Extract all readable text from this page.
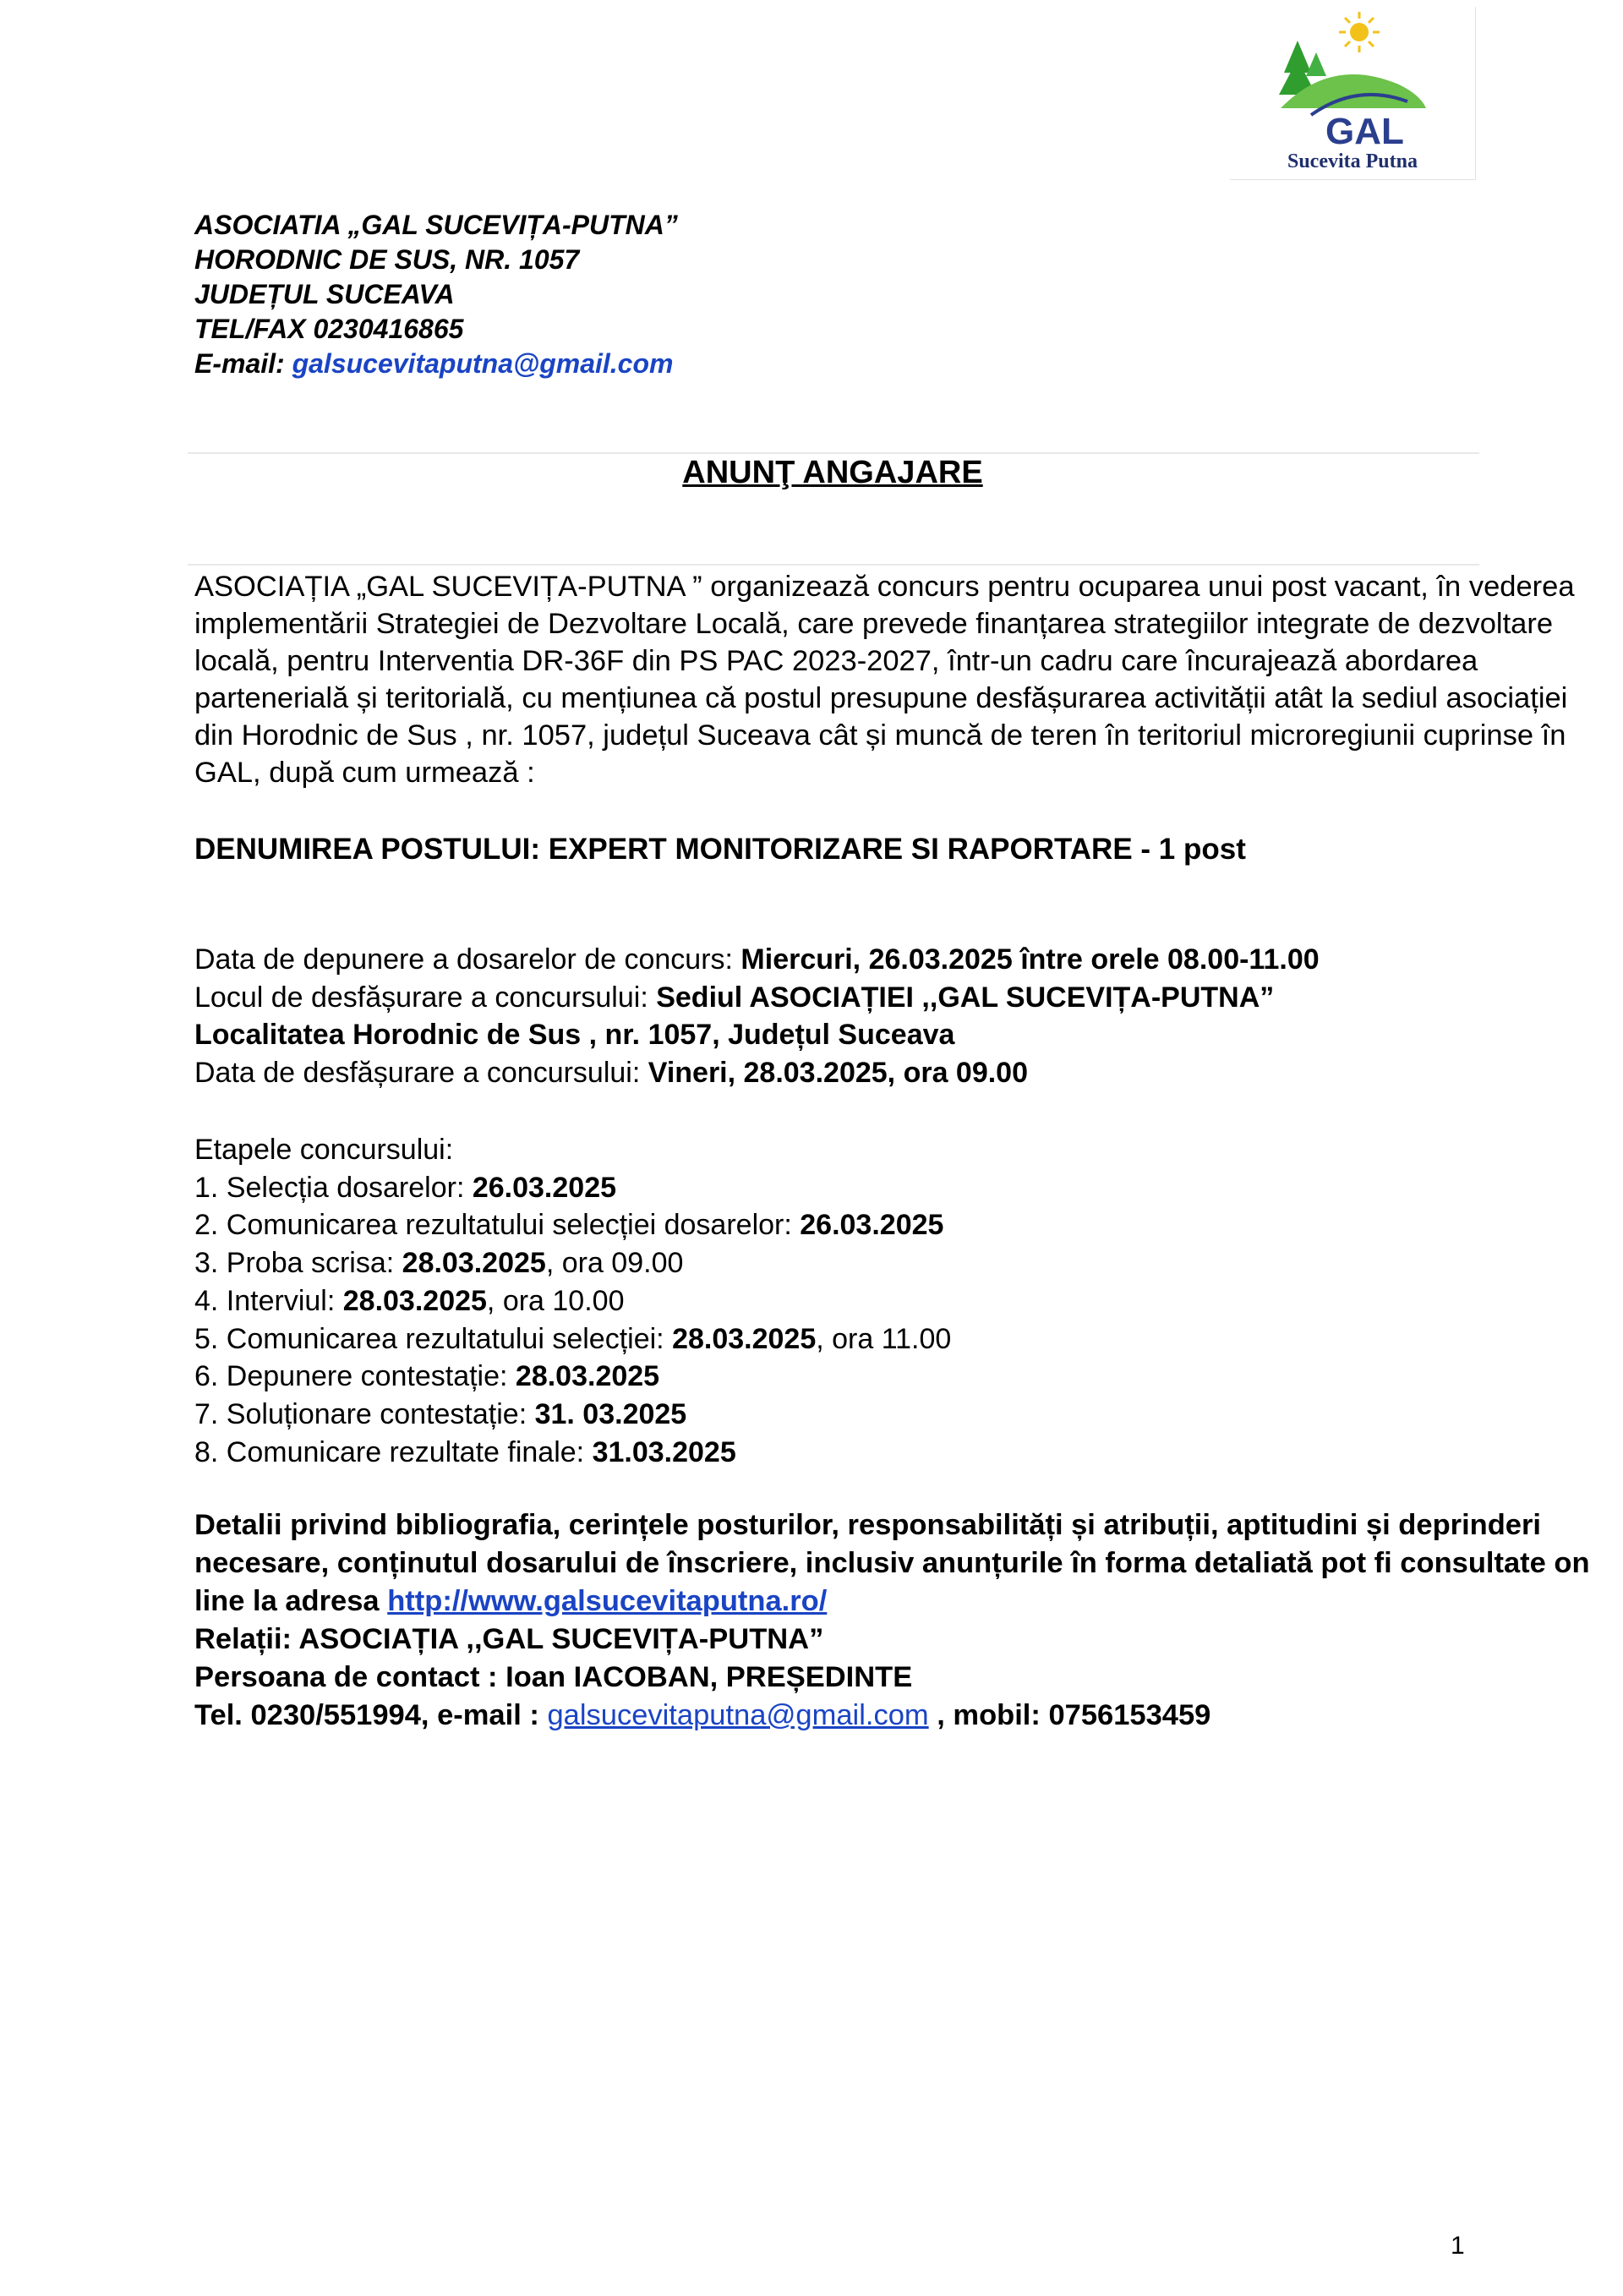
GAL
Sucevita Putna
ASOCIATIA „GAL SUCEVIȚA-PUTNA”
HORODNIC DE SUS, NR. 1057
JUDEȚUL SUCEAVA
TEL/FAX 0230416865
E-mail: galsucevitaputna@gmail.com
ANUNŢ ANGAJARE
ASOCIAȚIA „GAL SUCEVIȚA-PUTNA ” organizează concurs pentru ocuparea unui post vacant, în vederea
implementării Strategiei de Dezvoltare Locală, care prevede finanțarea strategiilor integrate de dezvoltare
locală, pentru Interventia DR-36F din PS PAC 2023-2027, într-un cadru care încurajează abordarea
partenerială și teritorială, cu mențiunea că postul presupune desfășurarea activității atât la sediul asociației
din Horodnic de Sus , nr. 1057, județul Suceava cât și muncă de teren în teritoriul microregiunii cuprinse în
GAL, după cum urmează :
DENUMIREA POSTULUI: EXPERT MONITORIZARE SI RAPORTARE - 1 post
Data de depunere a dosarelor de concurs: Miercuri, 26.03.2025 între orele 08.00-11.00
Locul de desfășurare a concursului: Sediul ASOCIAȚIEI ,,GAL SUCEVIȚA-PUTNA”
Localitatea Horodnic de Sus , nr. 1057, Județul Suceava
Data de desfășurare a concursului: Vineri, 28.03.2025, ora 09.00
Etapele concursului:
1. Selecția dosarelor: 26.03.2025
2. Comunicarea rezultatului selecției dosarelor: 26.03.2025
3. Proba scrisa: 28.03.2025, ora 09.00
4. Interviul: 28.03.2025, ora 10.00
5. Comunicarea rezultatului selecției: 28.03.2025, ora 11.00
6. Depunere contestație: 28.03.2025
7. Soluționare contestație: 31. 03.2025
8. Comunicare rezultate finale: 31.03.2025
Detalii privind bibliografia, cerințele posturilor, responsabilități și atribuții, aptitudini și deprinderi
necesare, conținutul dosarului de înscriere, inclusiv anunțurile în forma detaliată pot fi consultate on
line la adresa http://www.galsucevitaputna.ro/
Relații: ASOCIAȚIA ,,GAL SUCEVIȚA-PUTNA”
Persoana de contact : Ioan IACOBAN, PREȘEDINTE
Tel. 0230/551994, e-mail : galsucevitaputna@gmail.com , mobil: 0756153459
1
